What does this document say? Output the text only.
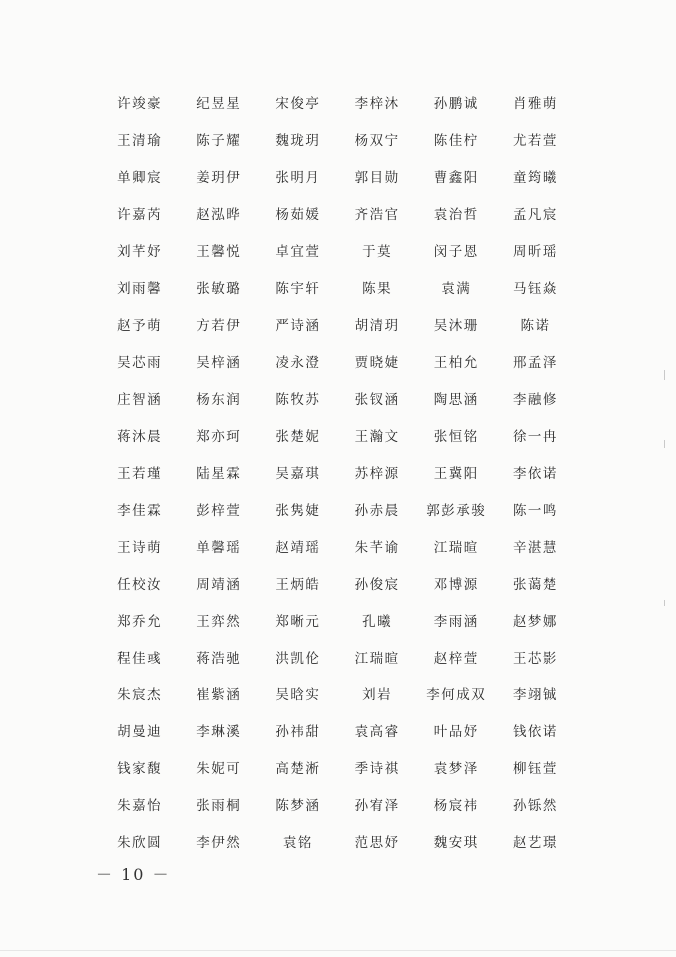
许竣豪	纪昱星	宋俊亭	李梓沐	孙鹏诚	肖雅萌
王清瑜	陈子耀	魏珑玥	杨双宁	陈佳柠	尤若萱
单卿宸	姜玥伊	张明月	郭目勋	曹鑫阳	童筠曦
许嘉芮	赵泓晔	杨茹媛	齐浩官	袁治哲	孟凡宸
刘芊妤	王馨悦	卓宜萱	于莫	闵子恩	周昕瑶
刘雨馨	张敏璐	陈宇轩	陈果	袁满	马钰焱
赵予萌	方若伊	严诗涵	胡清玥	吴沐珊	陈诺
吴芯雨	吴梓涵	凌永澄	贾晓婕	王柏允	邢孟泽
庄智涵	杨东润	陈牧苏	张钗涵	陶思涵	李融修
蒋沐晨	郑亦珂	张楚妮	王瀚文	张恒铭	徐一冉
王若瑾	陆星霖	吴嘉琪	苏梓源	王冀阳	李依诺
李佳霖	彭梓萱	张隽婕	孙赤晨	郭彭承骏	陈一鸣
王诗萌	单馨瑶	赵靖瑶	朱芊谕	江瑞暄	辛湛慧
任校汝	周靖涵	王炳皓	孙俊宸	邓博源	张蔼楚
郑乔允	王弈然	郑晰元	孔曦	李雨涵	赵梦娜
程佳彧	蒋浩驰	洪凯伦	江瑞暄	赵梓萱	王芯影
朱宸杰	崔紫涵	吴晗实	刘岩	李何成双	李翊铖
胡曼迪	李琳溪	孙祎甜	袁高睿	叶品妤	钱依诺
钱家馥	朱妮可	高楚淅	季诗祺	袁梦泽	柳钰萱
朱嘉怡	张雨桐	陈梦涵	孙宥泽	杨宸祎	孙铄然
朱欣圆	李伊然	袁铭	范思妤	魏安琪	赵艺璟
－ 10 －
